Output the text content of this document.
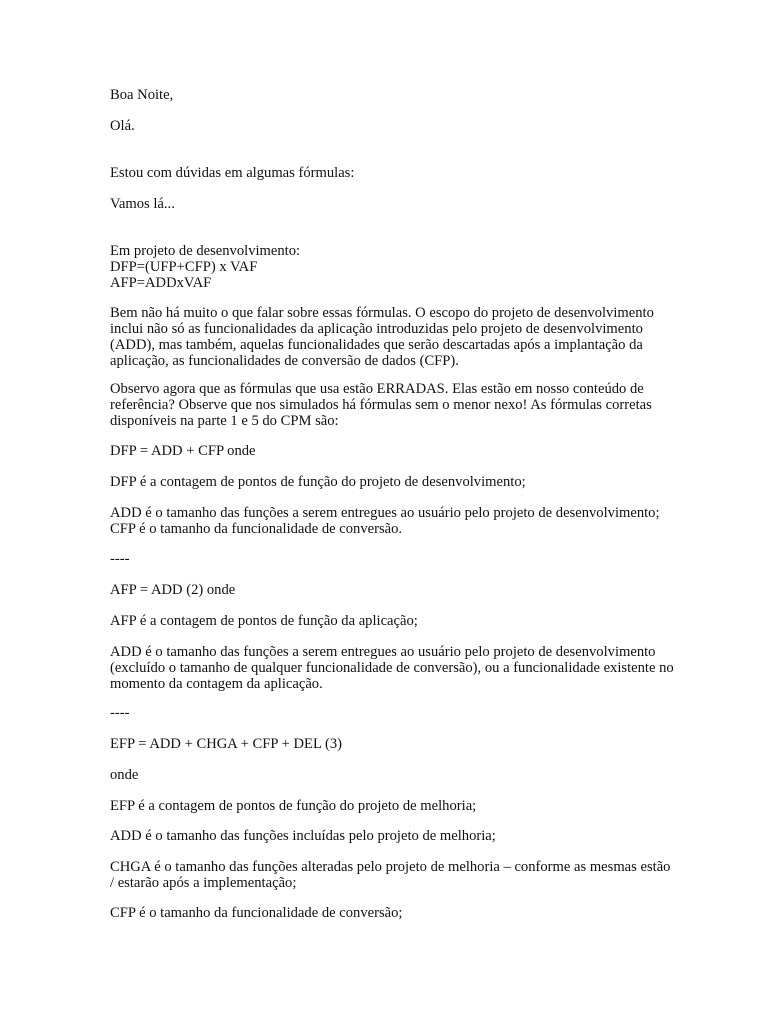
Boa Noite,

Olá.

Estou com dúvidas em algumas fórmulas:

Vamos lá...

Em projeto de desenvolvimento:
DFP=(UFP+CFP) x VAF
AFP=ADDxVAF

Bem não há muito o que falar sobre essas fórmulas. O escopo do projeto de desenvolvimento
inclui não só as funcionalidades da aplicação introduzidas pelo projeto de desenvolvimento
(ADD), mas também, aquelas funcionalidades que serão descartadas após a implantação da
aplicação, as funcionalidades de conversão de dados (CFP).

Observo agora que as fórmulas que usa estão ERRADAS. Elas estão em nosso conteúdo de
referência? Observe que nos simulados há fórmulas sem o menor nexo! As fórmulas corretas
disponíveis na parte 1 e 5 do CPM são:

DFP = ADD + CFP onde

DFP é a contagem de pontos de função do projeto de desenvolvimento;

ADD é o tamanho das funções a serem entregues ao usuário pelo projeto de desenvolvimento;
CFP é o tamanho da funcionalidade de conversão.

----

AFP = ADD (2) onde

AFP é a contagem de pontos de função da aplicação;

ADD é o tamanho das funções a serem entregues ao usuário pelo projeto de desenvolvimento
(excluído o tamanho de qualquer funcionalidade de conversão), ou a funcionalidade existente no
momento da contagem da aplicação.

----

EFP = ADD + CHGA + CFP + DEL (3)

onde

EFP é a contagem de pontos de função do projeto de melhoria;

ADD é o tamanho das funções incluídas pelo projeto de melhoria;

CHGA é o tamanho das funções alteradas pelo projeto de melhoria – conforme as mesmas estão
/ estarão após a implementação;

CFP é o tamanho da funcionalidade de conversão;
